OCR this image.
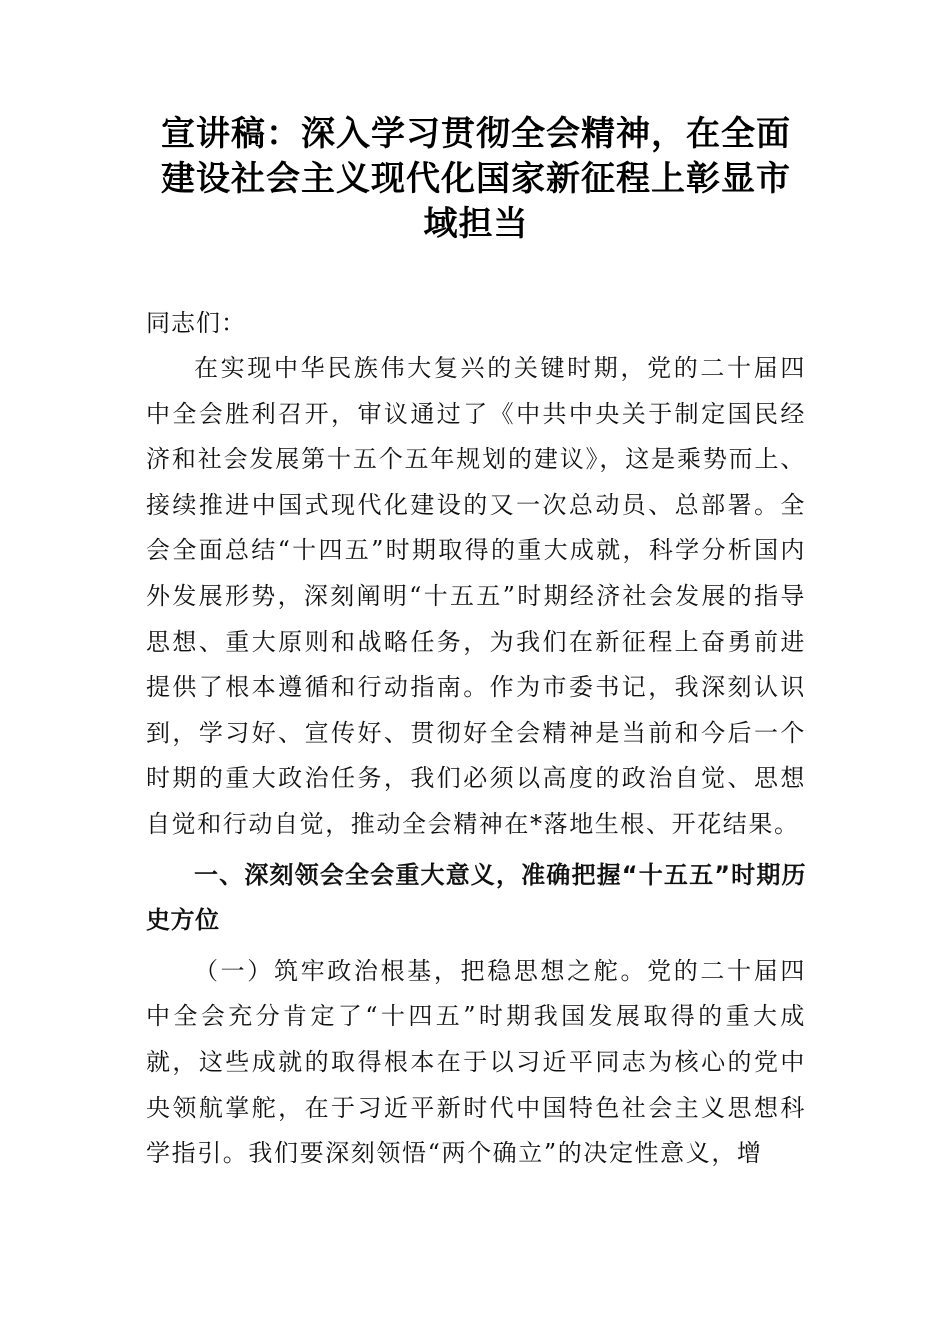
宣讲稿：深入学习贯彻全会精神，在全面建设社会主义现代化国家新征程上彰显市域担当

同志们：

在实现中华民族伟大复兴的关键时期，党的二十届四中全会胜利召开，审议通过了《中共中央关于制定国民经济和社会发展第十五个五年规划的建议》，这是乘势而上、接续推进中国式现代化建设的又一次总动员、总部署。全会全面总结“十四五”时期取得的重大成就，科学分析国内外发展形势，深刻阐明“十五五”时期经济社会发展的指导思想、重大原则和战略任务，为我们在新征程上奋勇前进提供了根本遵循和行动指南。作为市委书记，我深刻认识到，学习好、宣传好、贯彻好全会精神是当前和今后一个时期的重大政治任务，我们必须以高度的政治自觉、思想自觉和行动自觉，推动全会精神在*落地生根、开花结果。

一、深刻领会全会重大意义，准确把握“十五五”时期历史方位

（一）筑牢政治根基，把稳思想之舵。党的二十届四中全会充分肯定了“十四五”时期我国发展取得的重大成就，这些成就的取得根本在于以习近平同志为核心的党中央领航掌舵，在于习近平新时代中国特色社会主义思想科学指引。我们要深刻领悟“两个确立”的决定性意义，增
